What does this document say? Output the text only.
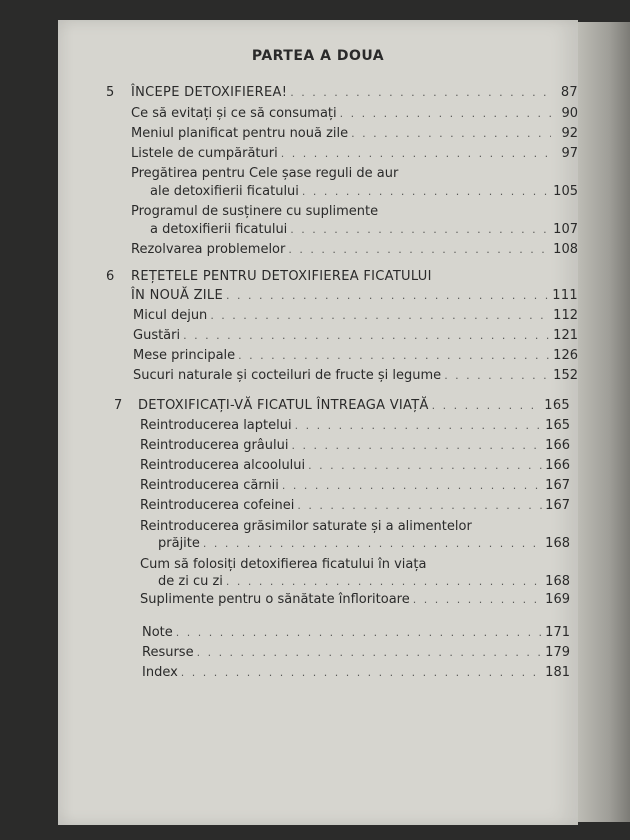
PARTEA A DOUA
5 ÎNCEPE DETOXIFIEREA! . . .	87
Ce să evitați și ce să consumați . . .	90
Meniul planificat pentru nouă zile . . .	92
Listele de cumpărături . . .	97
Pregătirea pentru Cele șase reguli de aur
ale detoxifierii ficatului . . .	105
Programul de susținere cu suplimente
a detoxifierii ficatului . . .	107
Rezolvarea problemelor . . .	108
6 REȚETELE PENTRU DETOXIFIEREA FICATULUI
ÎN NOUĂ ZILE . . .	111
Micul dejun . . .	112
Gustări . . .	121
Mese principale . . .	126
Sucuri naturale și cocteiluri de fructe și legume . . .	152
7 DETOXIFICAȚI-VĂ FICATUL ÎNTREAGA VIAȚĂ . . .	165
Reintroducerea laptelui . . .	165
Reintroducerea grâului . . .	166
Reintroducerea alcoolului . . .	166
Reintroducerea cărnii . . .	167
Reintroducerea cofeinei . . .	167
Reintroducerea grăsimilor saturate și a alimentelor
prăjite . . .	168
Cum să folosiți detoxifierea ficatului în viața
de zi cu zi . . .	168
Suplimente pentru o sănătate înfloritoare . . .	169
Note . . .	171
Resurse . . .	179
Index . . .	181
